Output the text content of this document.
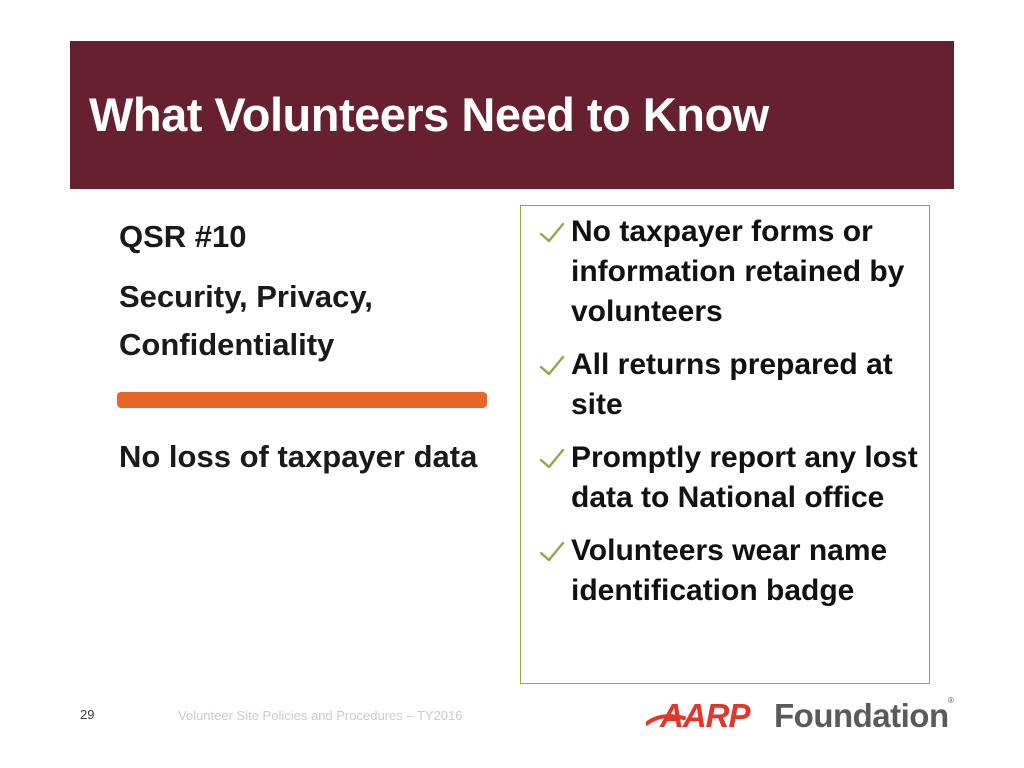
What Volunteers Need to Know

QSR #10

Security, Privacy, Confidentiality

No loss of taxpayer data

No taxpayer forms or information retained by volunteers
All returns prepared at site
Promptly report any lost data to National office
Volunteers wear name identification badge
29	Volunteer Site Policies and Procedures – TY2016	AARP Foundation ®
